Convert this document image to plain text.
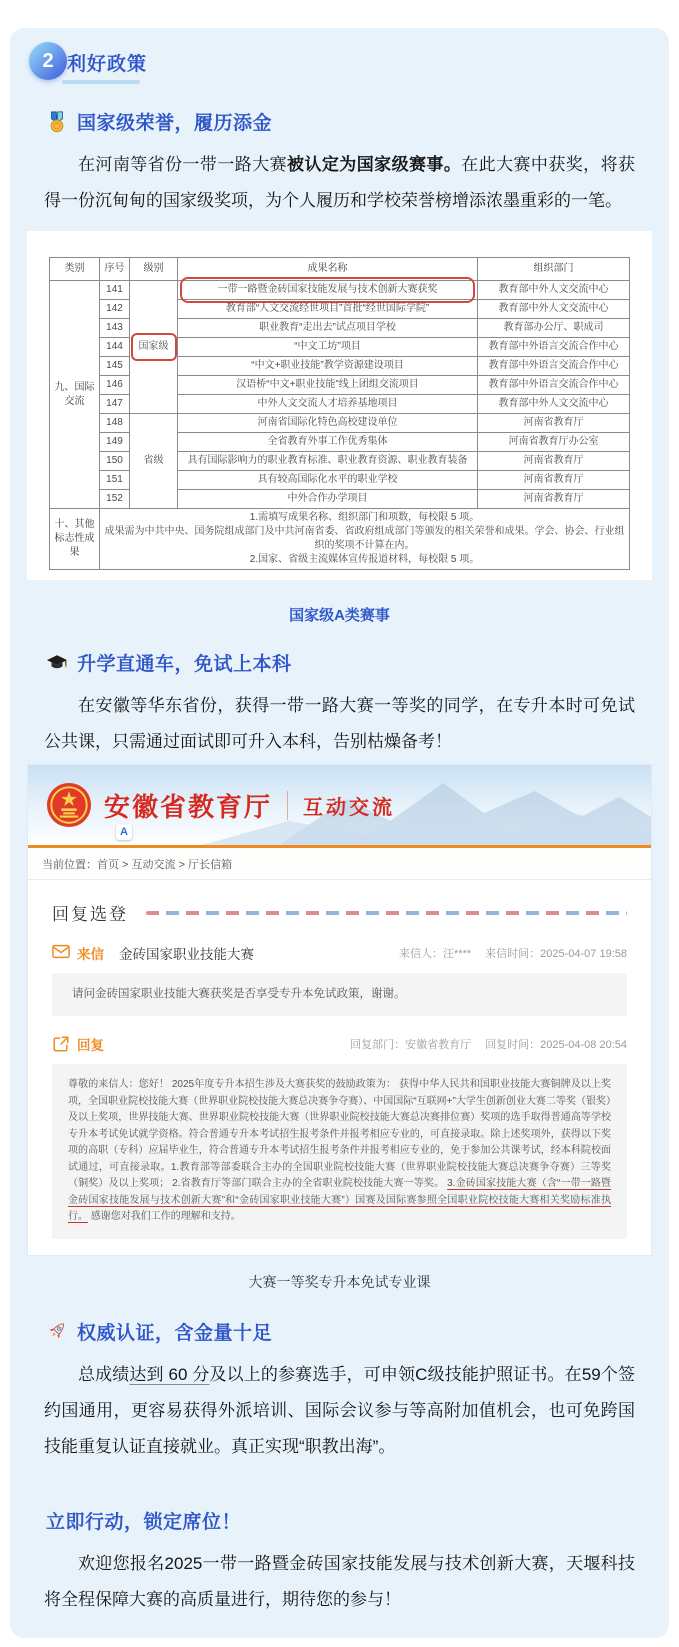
2 利好政策
国家级荣誉，履历添金

在河南等省份一带一路大赛被认定为国家级赛事。在此大赛中获奖，将获得一份沉甸甸的国家级奖项，为个人履历和学校荣誉榜增添浓墨重彩的一笔。

类别	序号	级别	成果名称	组织部门
九、国际交流	141	国家级	一带一路暨金砖国家技能发展与技术创新大赛获奖	教育部中外人文交流中心
	142		教育部“人文交流经世项目”首批“经世国际学院”	教育部中外人文交流中心
	143		职业教育“走出去”试点项目学校	教育部办公厅、职成司
	144		“中文工坊”项目	教育部中外语言交流合作中心
	145		“中文+职业技能”教学资源建设项目	教育部中外语言交流合作中心
	146		汉语桥“中文+职业技能”线上团组交流项目	教育部中外语言交流合作中心
	147		中外人文交流人才培养基地项目	教育部中外人文交流中心
	148	省级	河南省国际化特色高校建设单位	河南省教育厅
	149		全省教育外事工作优秀集体	河南省教育厅办公室
	150		具有国际影响力的职业教育标准、职业教育资源、职业教育装备	河南省教育厅
	151		具有较高国际化水平的职业学校	河南省教育厅
	152		中外合作办学项目	河南省教育厅
十、其他标志性成果	1.需填写成果名称、组织部门和项数，每校限 5 项。
成果需为中共中央、国务院组成部门及中共河南省委、省政府组成部门等颁发的相关荣誉和成果。学会、协会、行业组织的奖项不计算在内。
2.国家、省级主流媒体宣传报道材料，每校限 5 项。			
国家级A类赛事
升学直通车，免试上本科

在安徽等华东省份，获得一带一路大赛一等奖的同学，在专升本时可免试公共课，只需通过面试即可升入本科，告别枯燥备考！

安徽省教育厅	互动交流
A
当前位置：首页 > 互动交流 > 厅长信箱
回复选登
来信 金砖国家职业技能大赛	来信人：汪**** 来信时间：2025-04-07 19:58
请问金砖国家职业技能大赛获奖是否享受专升本免试政策，谢谢。
回复	回复部门：安徽省教育厅 回复时间：2025-04-08 20:54
尊敬的来信人：您好！ 2025年度专升本招生涉及大赛获奖的鼓励政策为： 获得中华人民共和国职业技能大赛铜牌及以上奖项，全国职业院校技能大赛（世界职业院校技能大赛总决赛争夺赛）、中国国际“互联网+”大学生创新创业大赛二等奖（银奖）及以上奖项，世界技能大赛、世界职业院校技能大赛（世界职业院校技能大赛总决赛排位赛）奖项的选手取得普通高等学校专升本考试免试就学资格。符合普通专升本考试招生报考条件并报考相应专业的，可直接录取。除上述奖项外，获得以下奖项的高职（专科）应届毕业生，符合普通专升本考试招生报考条件并报考相应专业的，免于参加公共课考试，经本科院校面试通过，可直接录取。1.教育部等部委联合主办的全国职业院校技能大赛（世界职业院校技能大赛总决赛争夺赛）三等奖（铜奖）及以上奖项； 2.省教育厅等部门联合主办的全省职业院校技能大赛一等奖。 3.金砖国家技能大赛（含“一带一路暨金砖国家技能发展与技术创新大赛”和“金砖国家职业技能大赛”）国赛及国际赛参照全国职业院校技能大赛相关奖励标准执行。 感谢您对我们工作的理解和支持。
大赛一等奖专升本免试专业课
权威认证，含金量十足

总成绩达到 60 分及以上的参赛选手，可申领C级技能护照证书。在59个签约国通用，更容易获得外派培训、国际会议参与等高附加值机会，也可免跨国技能重复认证直接就业。真正实现“职教出海”。

立即行动，锁定席位！

欢迎您报名2025一带一路暨金砖国家技能发展与技术创新大赛，天堰科技将全程保障大赛的高质量进行，期待您的参与！
